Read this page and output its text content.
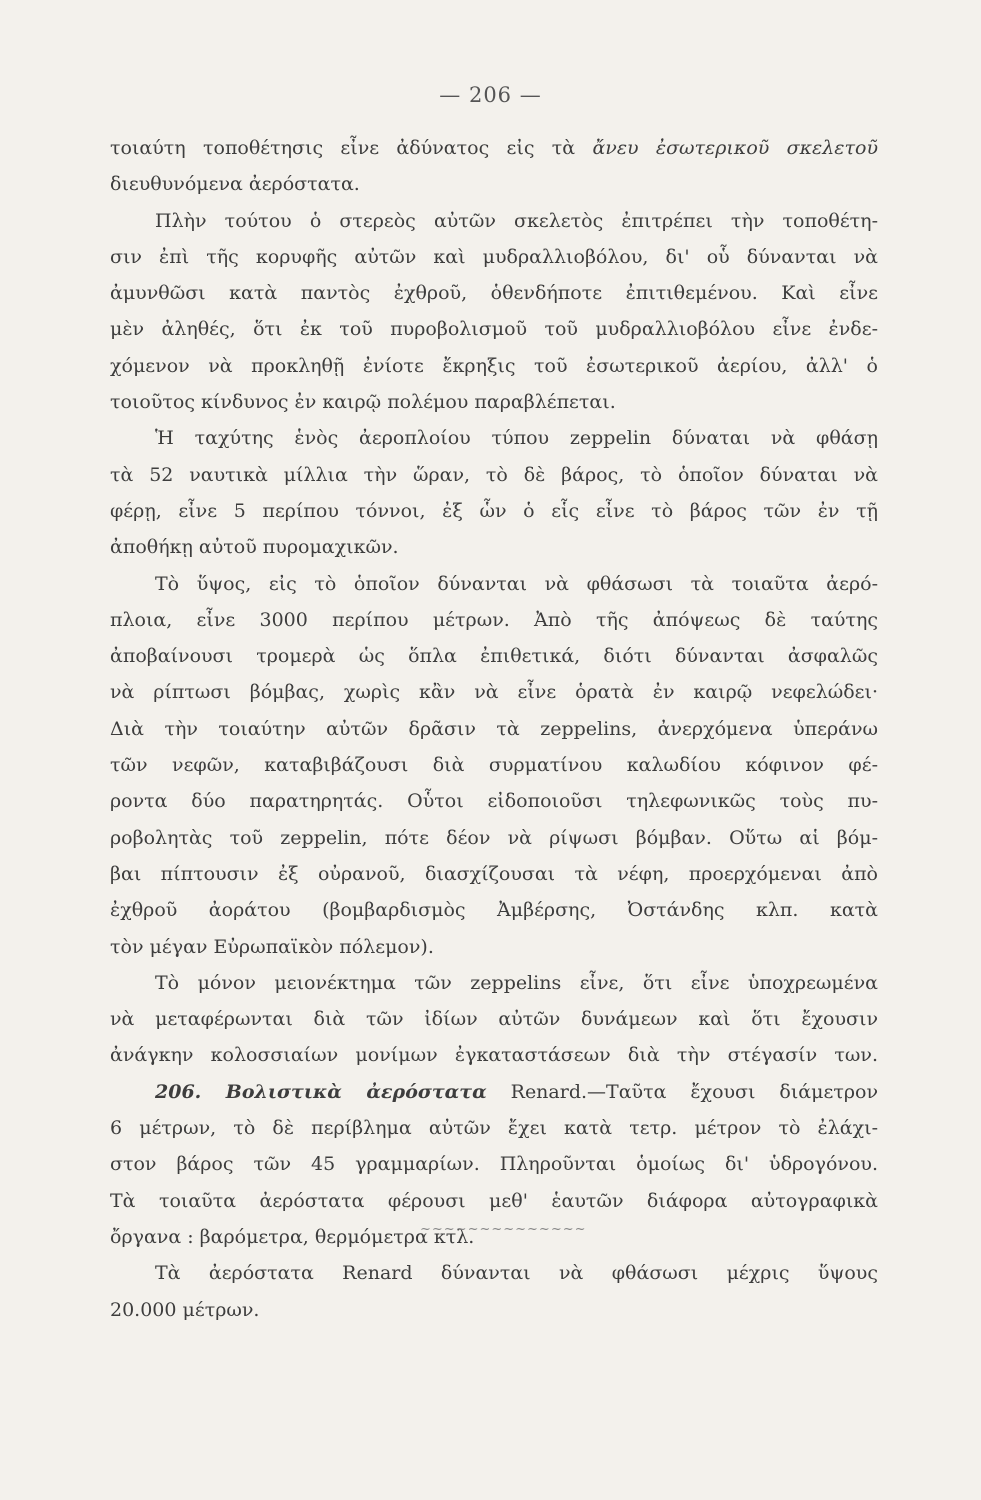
— 206 —
τοιαύτη τοποθέτησις εἶνε ἀδύνατος εἰς τὰ ἄνευ ἐσωτερικοῦ σκελετοῦ
διευθυνόμενα ἀερόστατα.
Πλὴν τούτου ὁ στερεὸς αὐτῶν σκελετὸς ἐπιτρέπει τὴν τοποθέτη-
σιν ἐπὶ τῆς κορυφῆς αὐτῶν καὶ μυδραλλιοβόλου, δι' οὗ δύνανται νὰ
ἀμυνθῶσι κατὰ παντὸς ἐχθροῦ, ὁθενδήποτε ἐπιτιθεμένου. Καὶ εἶνε
μὲν ἀληθές, ὅτι ἐκ τοῦ πυροβολισμοῦ τοῦ μυδραλλιοβόλου εἶνε ἐνδε-
χόμενον νὰ προκληθῇ ἐνίοτε ἔκρηξις τοῦ ἐσωτερικοῦ ἀερίου, ἀλλ' ὁ
τοιοῦτος κίνδυνος ἐν καιρῷ πολέμου παραβλέπεται.
Ἡ ταχύτης ἑνὸς ἀεροπλοίου τύπου zeppelin δύναται νὰ φθάσῃ
τὰ 52 ναυτικὰ μίλλια τὴν ὥραν, τὸ δὲ βάρος, τὸ ὁποῖον δύναται νὰ
φέρῃ, εἶνε 5 περίπου τόννοι, ἐξ ὧν ὁ εἷς εἶνε τὸ βάρος τῶν ἐν τῇ
ἀποθήκῃ αὐτοῦ πυρομαχικῶν.
Τὸ ὕψος, εἰς τὸ ὁποῖον δύνανται νὰ φθάσωσι τὰ τοιαῦτα ἀερό-
πλοια, εἶνε 3000 περίπου μέτρων. Ἀπὸ τῆς ἀπόψεως δὲ ταύτης
ἀποβαίνουσι τρομερὰ ὡς ὅπλα ἐπιθετικά, διότι δύνανται ἀσφαλῶς
νὰ ρίπτωσι βόμβας, χωρὶς κἂν νὰ εἶνε ὁρατὰ ἐν καιρῷ νεφελώδει·
Διὰ τὴν τοιαύτην αὐτῶν δρᾶσιν τὰ zeppelins, ἀνερχόμενα ὑπεράνω
τῶν νεφῶν, καταβιβάζουσι διὰ συρματίνου καλωδίου κόφινον φέ-
ροντα δύο παρατηρητάς. Οὗτοι εἰδοποιοῦσι τηλεφωνικῶς τοὺς πυ-
ροβολητὰς τοῦ zeppelin, πότε δέον νὰ ρίψωσι βόμβαν. Οὕτω αἱ βόμ-
βαι πίπτουσιν ἐξ οὐρανοῦ, διασχίζουσαι τὰ νέφη, προερχόμεναι ἀπὸ
ἐχθροῦ ἀοράτου (βομβαρδισμὸς Ἀμβέρσης, Ὀστάνδης κλπ. κατὰ
τὸν μέγαν Εὐρωπαϊκὸν πόλεμον).
Τὸ μόνον μειονέκτημα τῶν zeppelins εἶνε, ὅτι εἶνε ὑποχρεωμένα
νὰ μεταφέρωνται διὰ τῶν ἰδίων αὐτῶν δυνάμεων καὶ ὅτι ἔχουσιν
ἀνάγκην κολοσσιαίων μονίμων ἐγκαταστάσεων διὰ τὴν στέγασίν των.
206. Βολιστικὰ ἀερόστατα Renard.—Ταῦτα ἔχουσι διάμετρον
6 μέτρων, τὸ δὲ περίβλημα αὐτῶν ἔχει κατὰ τετρ. μέτρον τὸ ἐλάχι-
στον βάρος τῶν 45 γραμμαρίων. Πληροῦνται ὁμοίως δι' ὑδρογόνου.
Τὰ τοιαῦτα ἀερόστατα φέρουσι μεθ' ἑαυτῶν διάφορα αὐτογραφικὰ
ὄργανα : βαρόμετρα, θερμόμετρα κτλ.
Τὰ ἀερόστατα Renard δύνανται νὰ φθάσωσι μέχρις ὕψους
20.000 μέτρων.
~~~~~~~~~~~~~~
